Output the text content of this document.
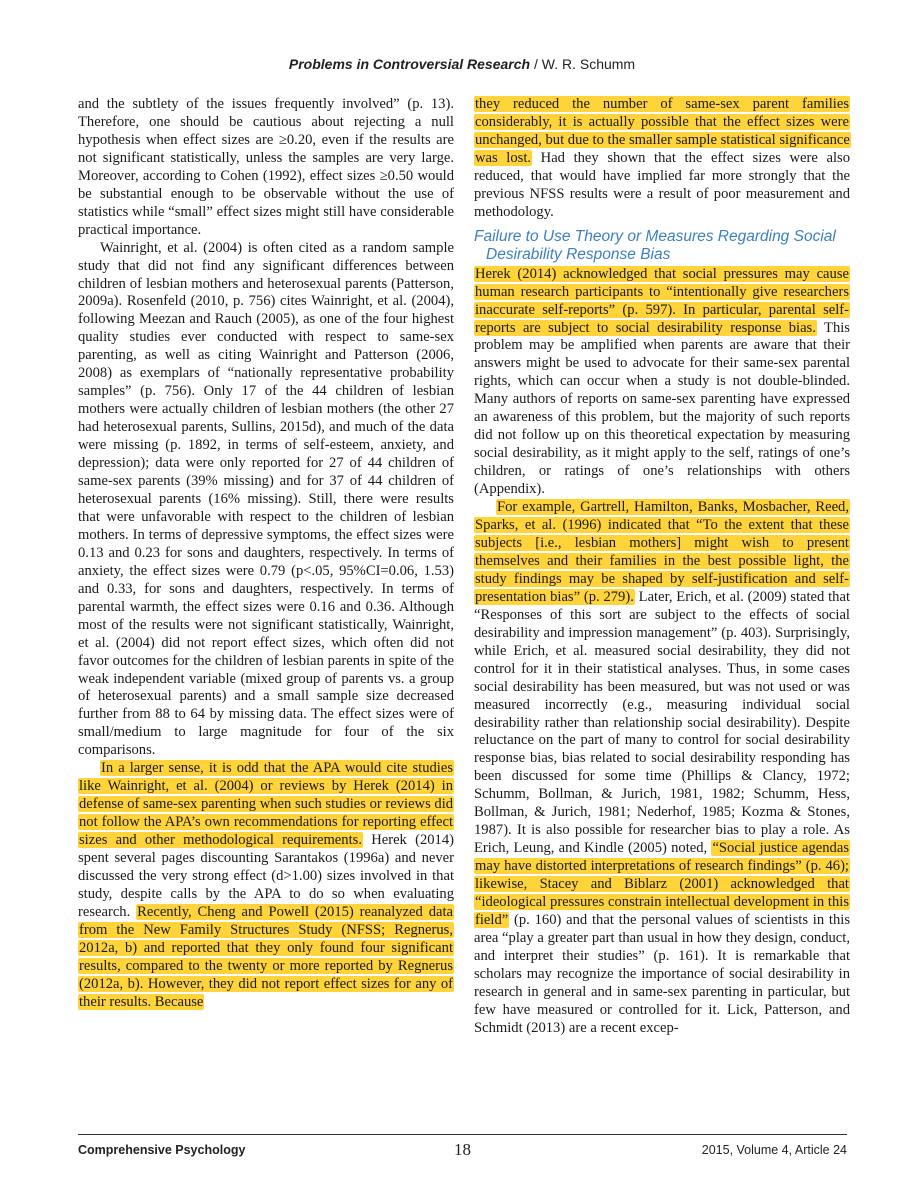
Problems in Controversial Research / W. R. Schumm

and the subtlety of the issues frequently involved” (p. 13). Therefore, one should be cautious about rejecting a null hypothesis when effect sizes are ≥0.20, even if the results are not significant statistically, unless the samples are very large. Moreover, according to Cohen (1992), effect sizes ≥0.50 would be substantial enough to be observable without the use of statistics while “small” effect sizes might still have considerable practical importance.

Wainright, et al. (2004) is often cited as a random sample study that did not find any significant differences between children of lesbian mothers and heterosexual parents (Patterson, 2009a). Rosenfeld (2010, p. 756) cites Wainright, et al. (2004), following Meezan and Rauch (2005), as one of the four highest quality studies ever conducted with respect to same-sex parenting, as well as citing Wainright and Patterson (2006, 2008) as exemplars of “nationally representative probability samples” (p. 756). Only 17 of the 44 children of lesbian mothers were actually children of lesbian mothers (the other 27 had heterosexual parents, Sullins, 2015d), and much of the data were missing (p. 1892, in terms of self-esteem, anxiety, and depression); data were only reported for 27 of 44 children of same-sex parents (39% missing) and for 37 of 44 children of heterosexual parents (16% missing). Still, there were results that were unfavorable with respect to the children of lesbian mothers. In terms of depressive symptoms, the effect sizes were 0.13 and 0.23 for sons and daughters, respectively. In terms of anxiety, the effect sizes were 0.79 (p<.05, 95%CI=0.06, 1.53) and 0.33, for sons and daughters, respectively. In terms of parental warmth, the effect sizes were 0.16 and 0.36. Although most of the results were not significant statistically, Wainright, et al. (2004) did not report effect sizes, which often did not favor outcomes for the children of lesbian parents in spite of the weak independent variable (mixed group of parents vs. a group of heterosexual parents) and a small sample size decreased further from 88 to 64 by missing data. The effect sizes were of small/medium to large magnitude for four of the six comparisons.

In a larger sense, it is odd that the APA would cite studies like Wainright, et al. (2004) or reviews by Herek (2014) in defense of same-sex parenting when such studies or reviews did not follow the APA’s own recommendations for reporting effect sizes and other methodological requirements. Herek (2014) spent several pages discounting Sarantakos (1996a) and never discussed the very strong effect (d>1.00) sizes involved in that study, despite calls by the APA to do so when evaluating research. Recently, Cheng and Powell (2015) reanalyzed data from the New Family Structures Study (NFSS; Regnerus, 2012a, b) and reported that they only found four significant results, compared to the twenty or more reported by Regnerus (2012a, b). However, they did not report effect sizes for any of their results. Because

they reduced the number of same-sex parent families considerably, it is actually possible that the effect sizes were unchanged, but due to the smaller sample statistical significance was lost. Had they shown that the effect sizes were also reduced, that would have implied far more strongly that the previous NFSS results were a result of poor measurement and methodology.

Failure to Use Theory or Measures Regarding Social
Desirability Response Bias

Herek (2014) acknowledged that social pressures may cause human research participants to “intentionally give researchers inaccurate self-reports” (p. 597). In particular, parental self-reports are subject to social desirability response bias. This problem may be amplified when parents are aware that their answers might be used to advocate for their same-sex parental rights, which can occur when a study is not double-blinded. Many authors of reports on same-sex parenting have expressed an awareness of this problem, but the majority of such reports did not follow up on this theoretical expectation by measuring social desirability, as it might apply to the self, ratings of one’s children, or ratings of one’s relationships with others (Appendix).

For example, Gartrell, Hamilton, Banks, Mosbacher, Reed, Sparks, et al. (1996) indicated that “To the extent that these subjects [i.e., lesbian mothers] might wish to present themselves and their families in the best possible light, the study findings may be shaped by self-justification and self-presentation bias” (p. 279). Later, Erich, et al. (2009) stated that “Responses of this sort are subject to the effects of social desirability and impression management” (p. 403). Surprisingly, while Erich, et al. measured social desirability, they did not control for it in their statistical analyses. Thus, in some cases social desirability has been measured, but was not used or was measured incorrectly (e.g., measuring individual social desirability rather than relationship social desirability). Despite reluctance on the part of many to control for social desirability response bias, bias related to social desirability responding has been discussed for some time (Phillips & Clancy, 1972; Schumm, Bollman, & Jurich, 1981, 1982; Schumm, Hess, Bollman, & Jurich, 1981; Nederhof, 1985; Kozma & Stones, 1987). It is also possible for researcher bias to play a role. As Erich, Leung, and Kindle (2005) noted, “Social justice agendas may have distorted interpretations of research findings” (p. 46); likewise, Stacey and Biblarz (2001) acknowledged that “ideological pressures constrain intellectual development in this field” (p. 160) and that the personal values of scientists in this area “play a greater part than usual in how they design, conduct, and interpret their studies” (p. 161). It is remarkable that scholars may recognize the importance of social desirability in research in general and in same-sex parenting in particular, but few have measured or controlled for it. Lick, Patterson, and Schmidt (2013) are a recent excep-

Comprehensive Psychology	18	2015, Volume 4, Article 24
